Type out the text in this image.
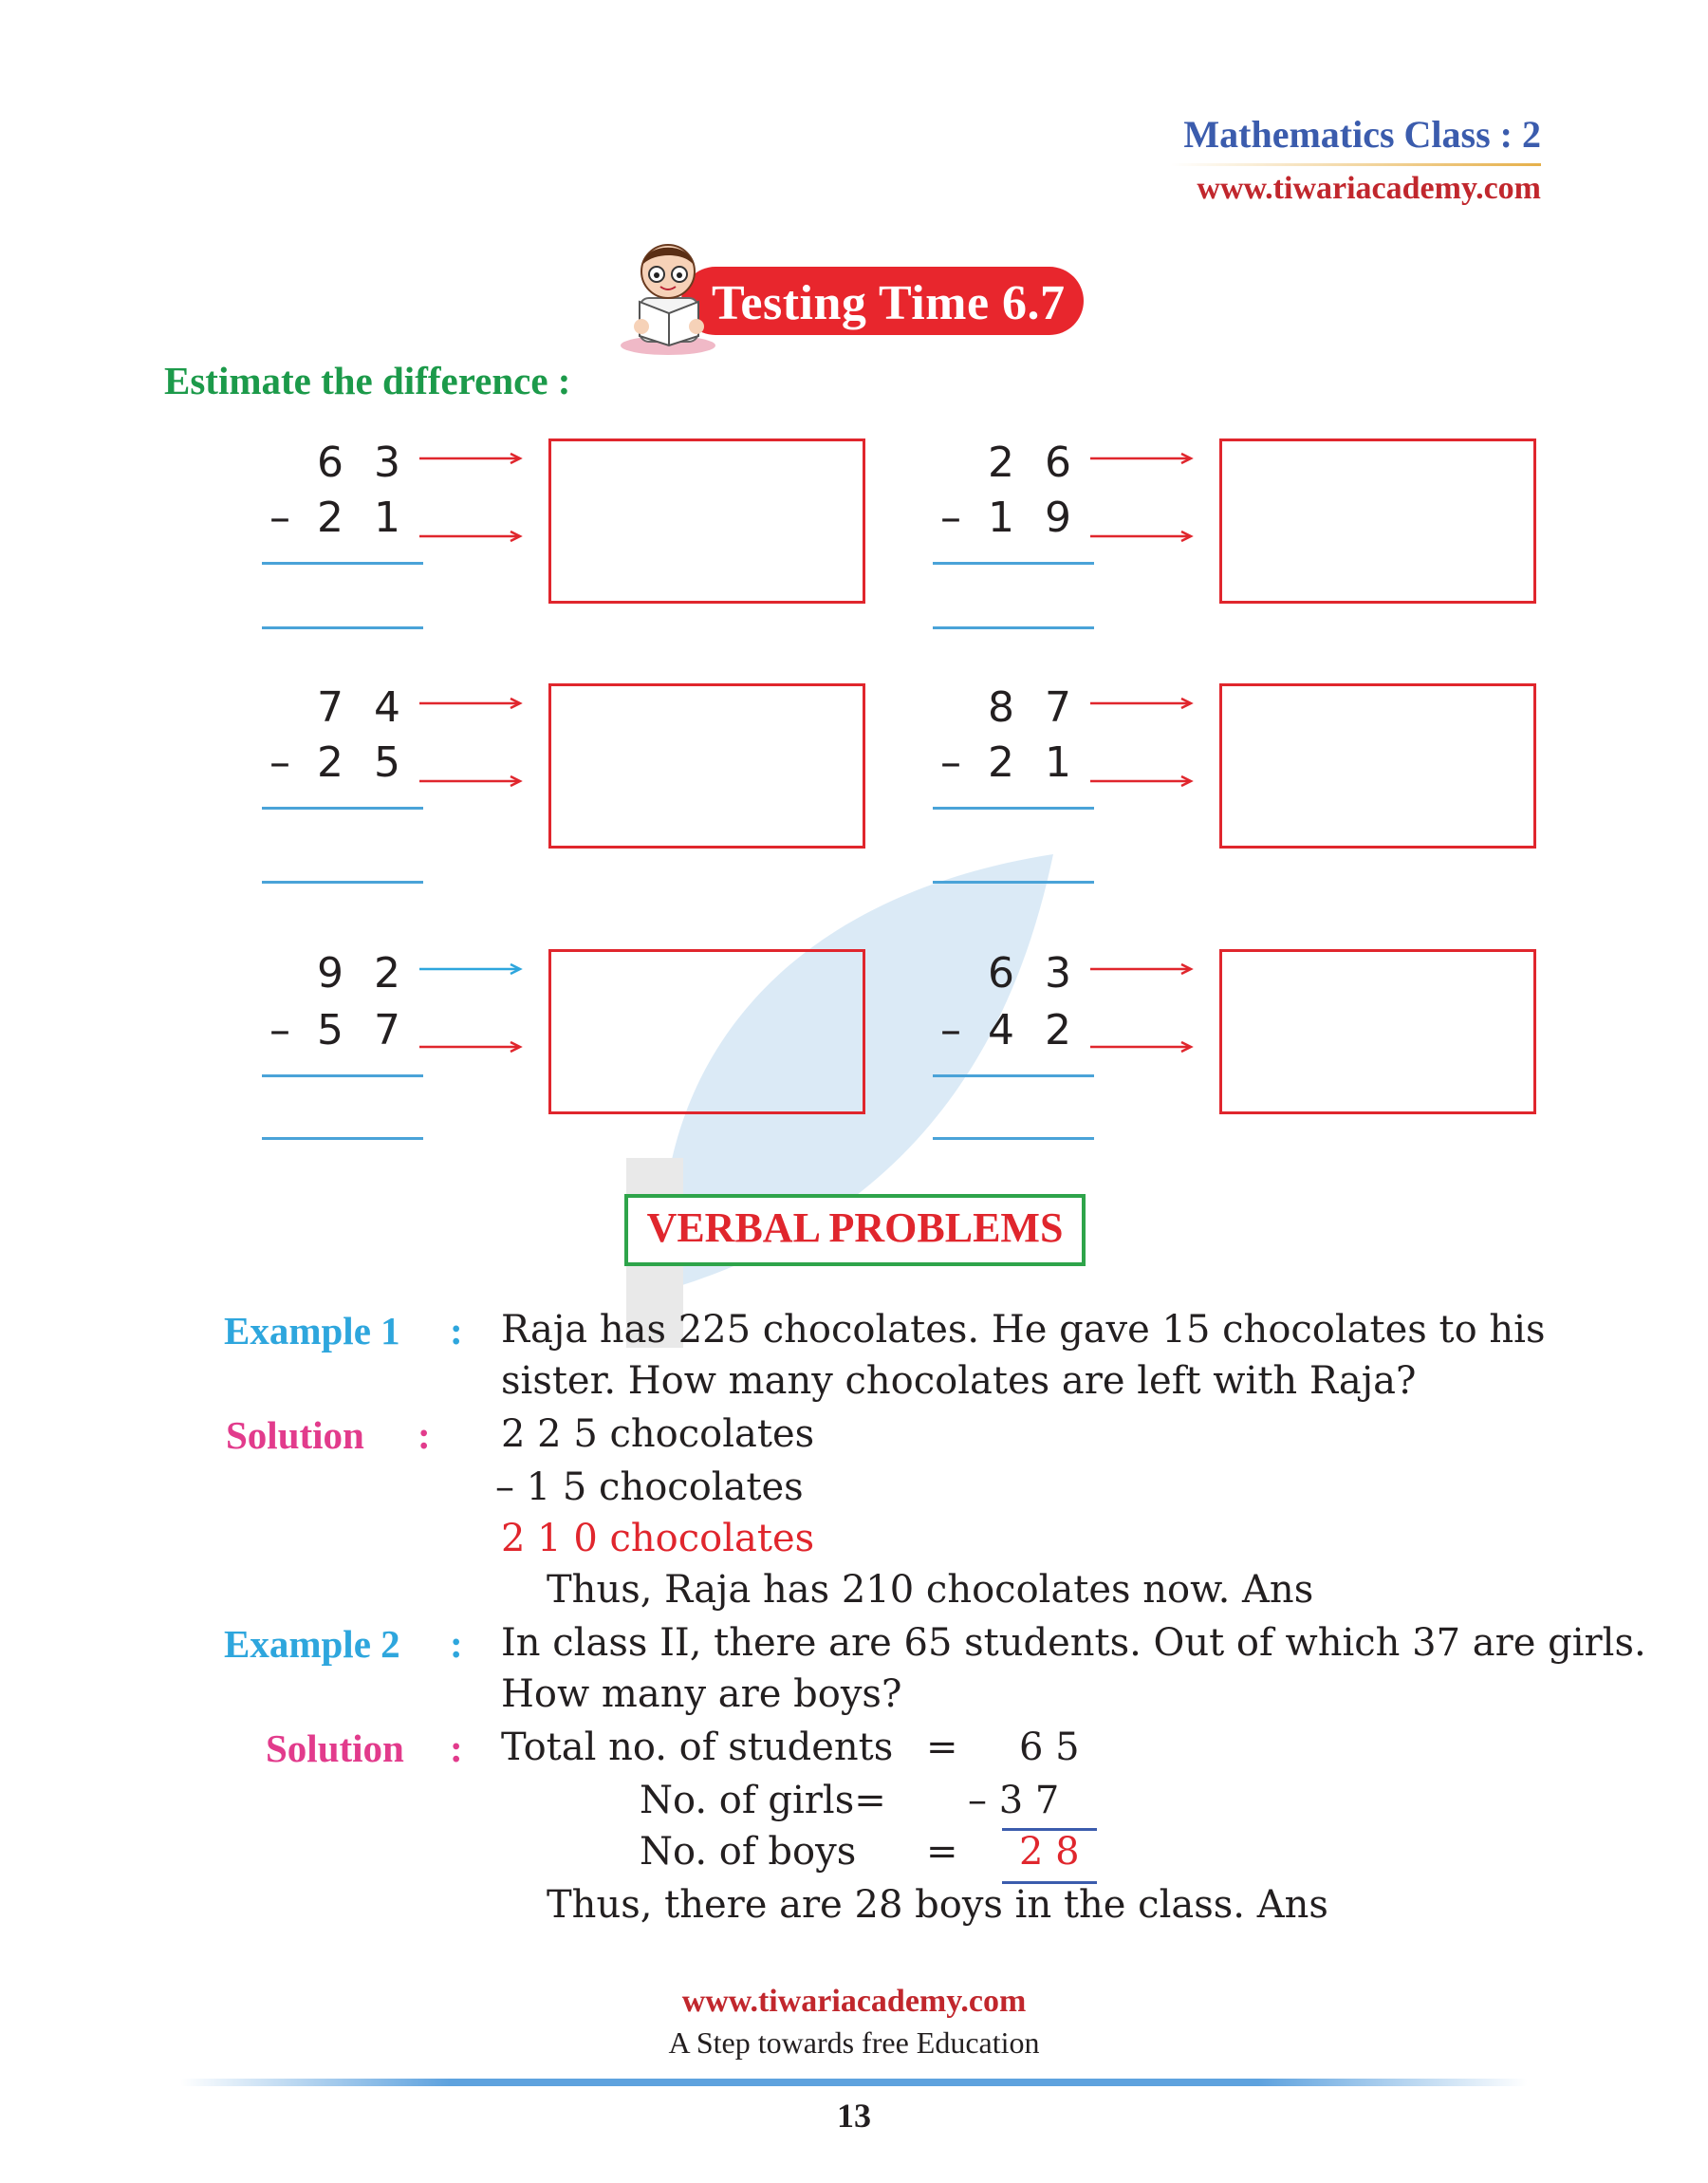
Mathematics Class : 2
www.tiwariacademy.com
Testing Time 6.7
Estimate the difference :
6 3
– 2 1
2 6
– 1 9
7 4
– 2 5
8 7
– 2 1
9 2
– 5 7
6 3
– 4 2
VERBAL PROBLEMS
Example 1 : Raja has 225 chocolates. He gave 15 chocolates to his
sister. How many chocolates are left with Raja?
Solution : 2 2 5 chocolates
– 1 5 chocolates
2 1 0 chocolates
Thus, Raja has 210 chocolates now. Ans
Example 2 : In class II, there are 65 students. Out of which 37 are girls.
How many are boys?
Solution : Total no. of students = 6 5
No. of girls= – 3 7
No. of boys = 2 8
Thus, there are 28 boys in the class. Ans
www.tiwariacademy.com
A Step towards free Education
13
